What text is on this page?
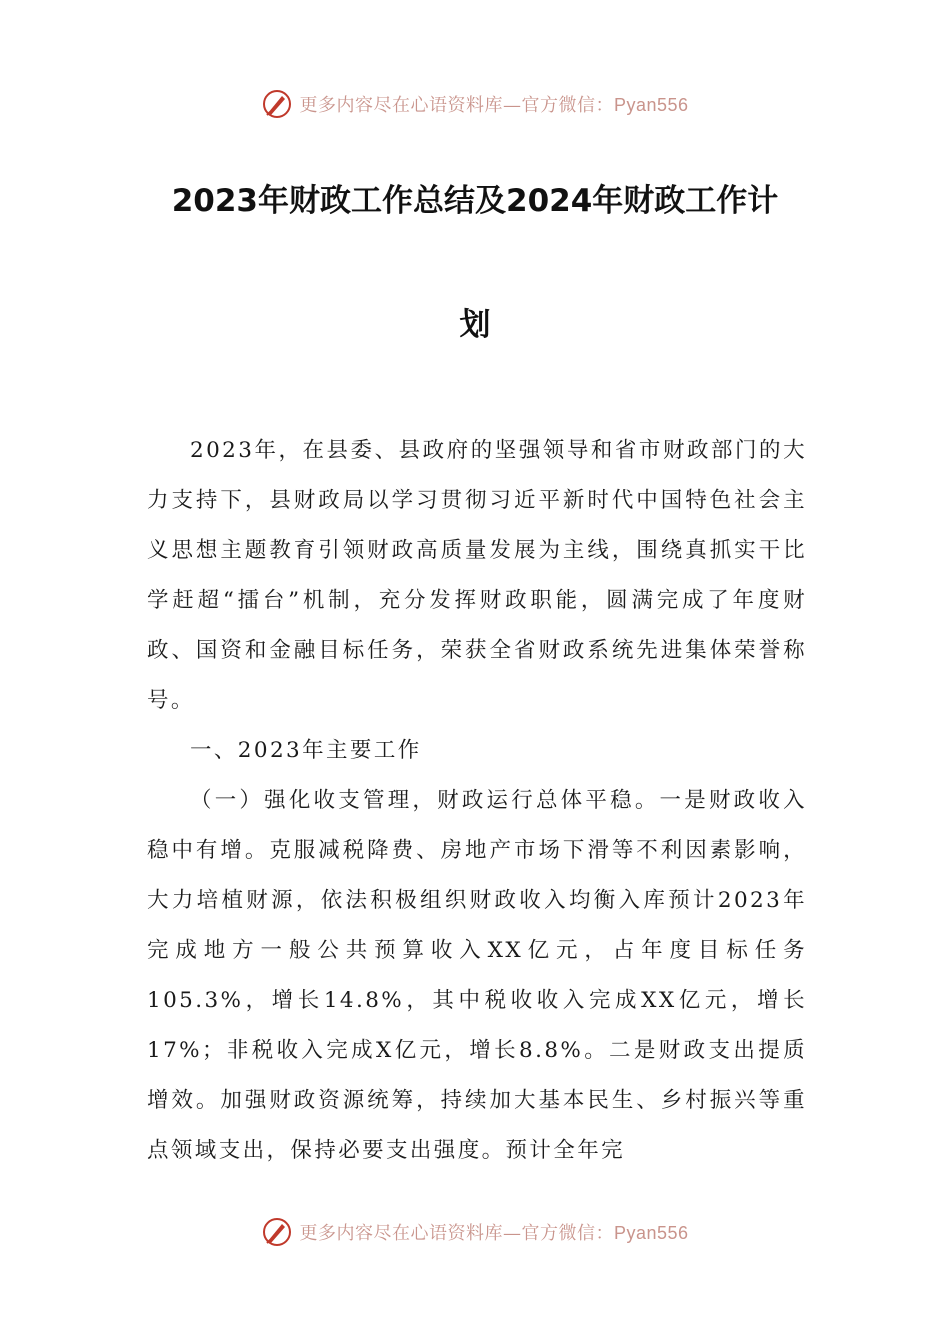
更多内容尽在心语资料库—官方微信：Pyan556
2023年财政工作总结及2024年财政工作计
划

2023年，在县委、县政府的坚强领导和省市财政部门的大力支持下，县财政局以学习贯彻习近平新时代中国特色社会主义思想主题教育引领财政高质量发展为主线，围绕真抓实干比学赶超“擂台”机制，充分发挥财政职能，圆满完成了年度财政、国资和金融目标任务，荣获全省财政系统先进集体荣誉称号。

一、2023年主要工作

（一）强化收支管理，财政运行总体平稳。一是财政收入稳中有增。克服减税降费、房地产市场下滑等不利因素影响，大力培植财源，依法积极组织财政收入均衡入库预计2023年完成地方一般公共预算收入XX亿元，占年度目标任务105.3%，增长14.8%，其中税收收入完成XX亿元，增长17%；非税收入完成X亿元，增长8.8%。二是财政支出提质增效。加强财政资源统筹，持续加大基本民生、乡村振兴等重点领域支出，保持必要支出强度。预计全年完

更多内容尽在心语资料库—官方微信：Pyan556
